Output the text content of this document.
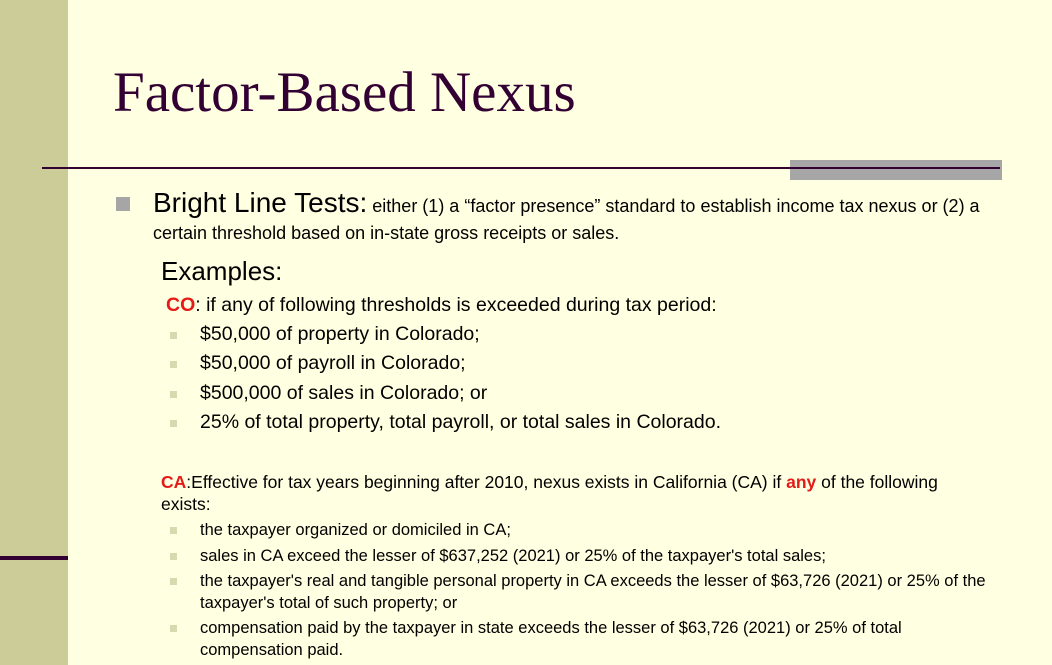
Factor-Based Nexus
Bright Line Tests: either (1) a “factor presence” standard to establish income tax nexus or (2) a certain threshold based on in-state gross receipts or sales.
Examples:
CO: if any of following thresholds is exceeded during tax period:
$50,000 of property in Colorado;
$50,000 of payroll in Colorado;
$500,000 of sales in Colorado; or
25% of total property, total payroll, or total sales in Colorado.
CA:Effective for tax years beginning after 2010, nexus exists in California (CA) if any of the following exists:
the taxpayer organized or domiciled in CA;
sales in CA exceed the lesser of $637,252 (2021) or 25% of the taxpayer's total sales;
the taxpayer's real and tangible personal property in CA exceeds the lesser of $63,726 (2021) or 25% of the taxpayer's total of such property; or
compensation paid by the taxpayer in state exceeds the lesser of $63,726 (2021) or 25% of total compensation paid.
